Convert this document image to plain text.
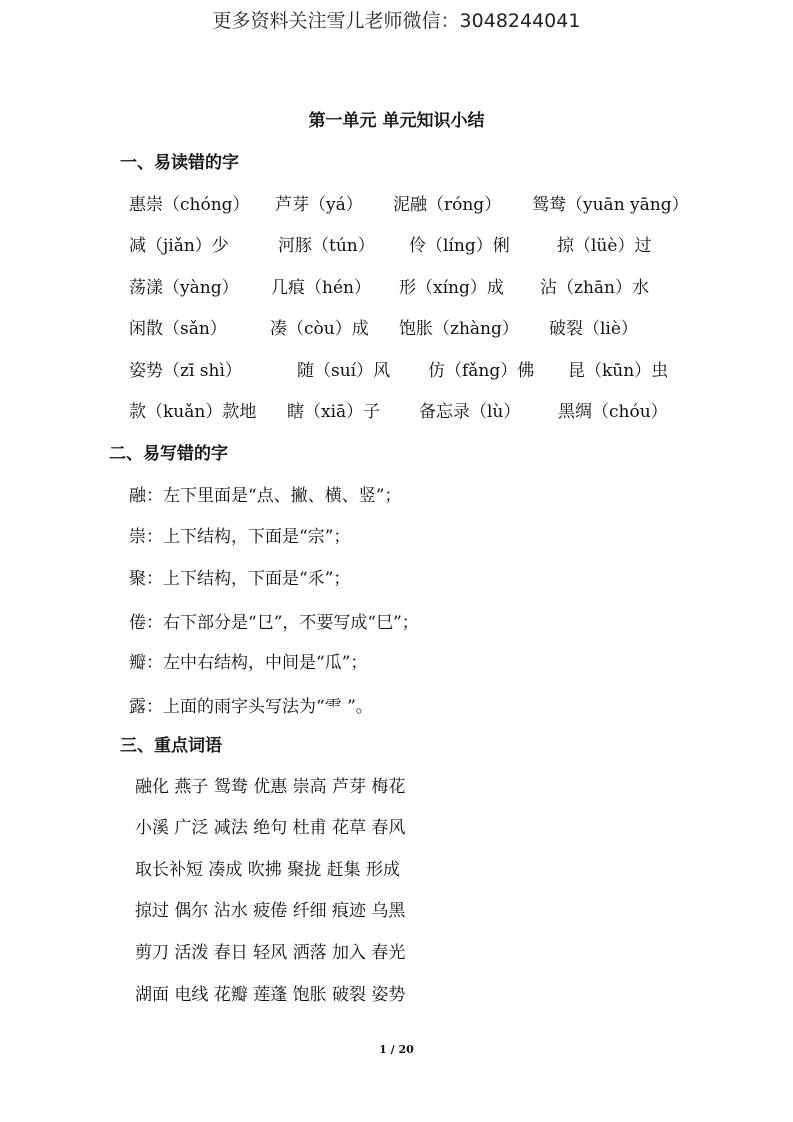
更多资料关注雪儿老师微信：3048244041
第一单元 单元知识小结
一、易读错的字
惠崇（chóng） 芦芽（yá） 泥融（róng） 鸳鸯（yuān yāng）
减（jiǎn）少	河豚（tún） 伶（líng）俐	掠（lüè）过
荡漾（yàng） 几痕（hén） 形（xíng）成 沾（zhān）水
闲散（sǎn）	凑（còu）成 饱胀（zhàng） 破裂（liè）
姿势（zī shì）	随（suí）风 仿（fǎng）佛 昆（kūn）虫
款（kuǎn）款地 瞎（xiā）子 备忘录（lù） 黑绸（chóu）
二、易写错的字
融：左下里面是“点、撇、横、竖”；
崇：上下结构，下面是“宗”；
聚：上下结构，下面是“乑”；
倦：右下部分是“㔾”，不要写成“巳”；
瓣：左中右结构，中间是“瓜”；
露：上面的雨字头写法为“⻗ ”。
三、重点词语
融化 燕子 鸳鸯 优惠 崇高 芦芽 梅花
小溪 广泛 减法 绝句 杜甫 花草 春风
取长补短 凑成 吹拂 聚拢 赶集 形成
掠过 偶尔 沾水 疲倦 纤细 痕迹 乌黑
剪刀 活泼 春日 轻风 洒落 加入 春光
湖面 电线 花瓣 莲蓬 饱胀 破裂 姿势
1 / 20
